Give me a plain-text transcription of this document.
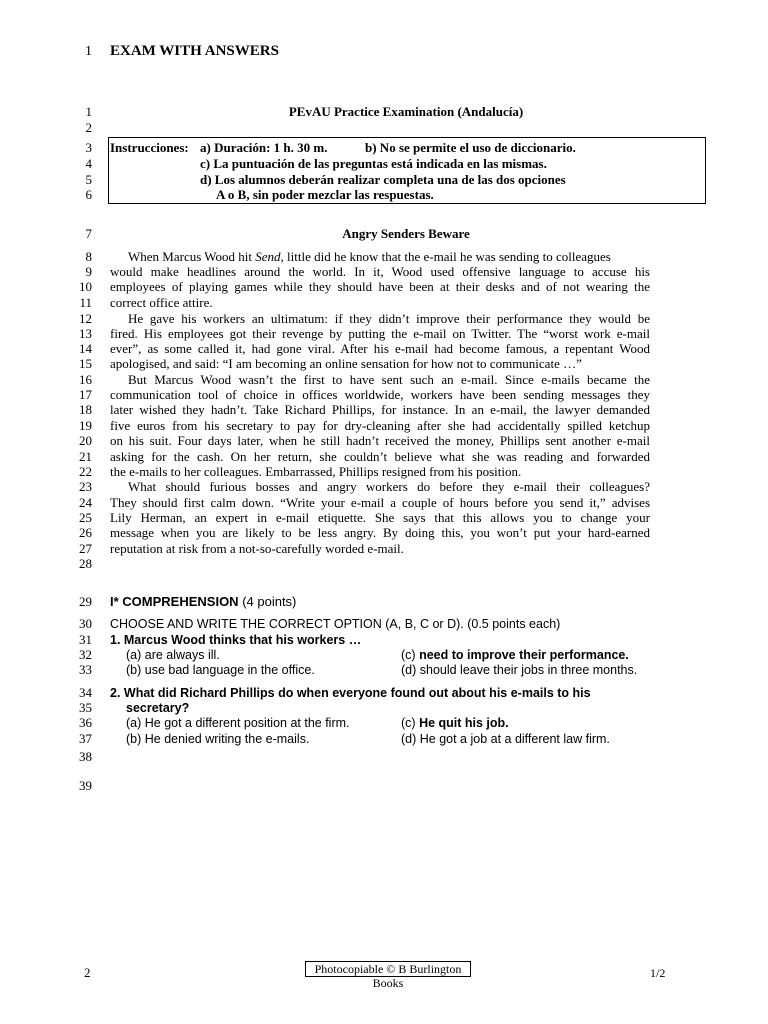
1 EXAM WITH ANSWERS
1
2
3
4
5
6
7
8
9
10
11
12
13
14
15
16
17
18
19
20
21
22
23
24
25
26
27
28
29
30
31
32
33
34
35
36
37
38
39
PEvAU Practice Examination (Andalucía)
Instrucciones: a) Duración: 1 h. 30 m.	b) No se permite el uso de diccionario.
c) La puntuación de las preguntas está indicada en las mismas.
d) Los alumnos deberán realizar completa una de las dos opciones
A o B, sin poder mezclar las respuestas.
Angry Senders Beware
When Marcus Wood hit Send, little did he know that the e-mail he was sending to colleagues
would make headlines around the world. In it, Wood used offensive language to accuse his
employees of playing games while they should have been at their desks and of not wearing the
correct office attire.
He gave his workers an ultimatum: if they didn’t improve their performance they would be
fired. His employees got their revenge by putting the e-mail on Twitter. The “worst work e-mail
ever”, as some called it, had gone viral. After his e-mail had become famous, a repentant Wood
apologised, and said: “I am becoming an online sensation for how not to communicate …”
But Marcus Wood wasn’t the first to have sent such an e-mail. Since e-mails became the
communication tool of choice in offices worldwide, workers have been sending messages they
later wished they hadn’t. Take Richard Phillips, for instance. In an e-mail, the lawyer demanded
five euros from his secretary to pay for dry-cleaning after she had accidentally spilled ketchup
on his suit. Four days later, when he still hadn’t received the money, Phillips sent another e-mail
asking for the cash. On her return, she couldn’t believe what she was reading and forwarded
the e-mails to her colleagues. Embarrassed, Phillips resigned from his position.
What should furious bosses and angry workers do before they e-mail their colleagues?
They should first calm down. “Write your e-mail a couple of hours before you send it,” advises
Lily Herman, an expert in e-mail etiquette. She says that this allows you to change your
message when you are likely to be less angry. By doing this, you won’t put your hard-earned
reputation at risk from a not-so-carefully worded e-mail.
I* COMPREHENSION (4 points)
CHOOSE AND WRITE THE CORRECT OPTION (A, B, C or D). (0.5 points each)
1. Marcus Wood thinks that his workers …
(a) are always ill.	(c) need to improve their performance.
(b) use bad language in the office.	(d) should leave their jobs in three months.
2. What did Richard Phillips do when everyone found out about his e-mails to his
secretary?
(a) He got a different position at the firm.	(c) He quit his job.
(b) He denied writing the e-mails.	(d) He got a job at a different law firm.
2	Photocopiable © B Burlington Books
1/2
